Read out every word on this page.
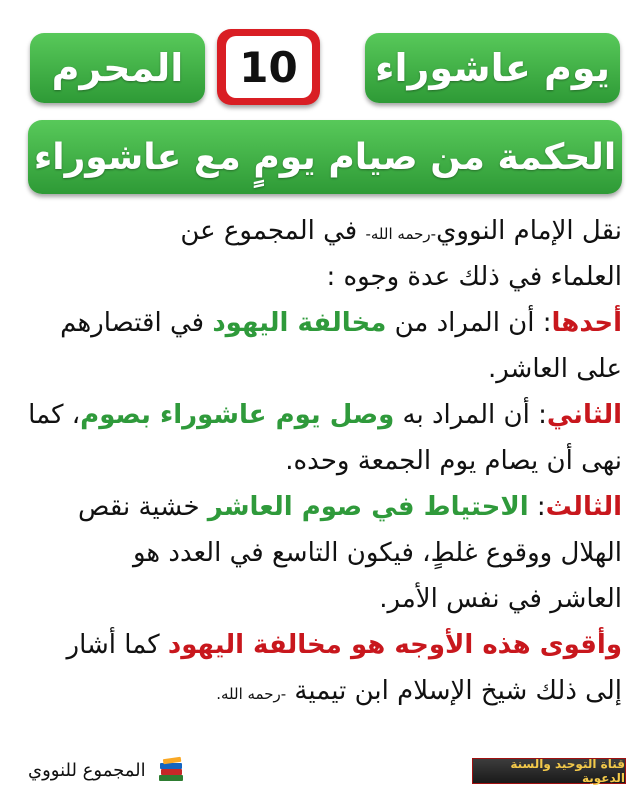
يوم عاشوراء
10
المحرم
الحكمة من صيام يومٍ مع عاشوراء
نقل الإمام النووي-رحمه الله- في المجموع عن
العلماء في ذلك عدة وجوه :
أحدها: أن المراد من مخالفة اليهود في اقتصارهم
على العاشر.
الثاني: أن المراد به وصل يوم عاشوراء بصوم، كما
نهى أن يصام يوم الجمعة وحده.
الثالث: الاحتياط في صوم العاشر خشية نقص
الهلال ووقوع غلطٍ، فيكون التاسع في العدد هو
العاشر في نفس الأمر.
وأقوى هذه الأوجه هو مخالفة اليهود كما أشار
إلى ذلك شيخ الإسلام ابن تيمية -رحمه الله.
المجموع للنووي	قناة التوحيد والسنة الدعوية
